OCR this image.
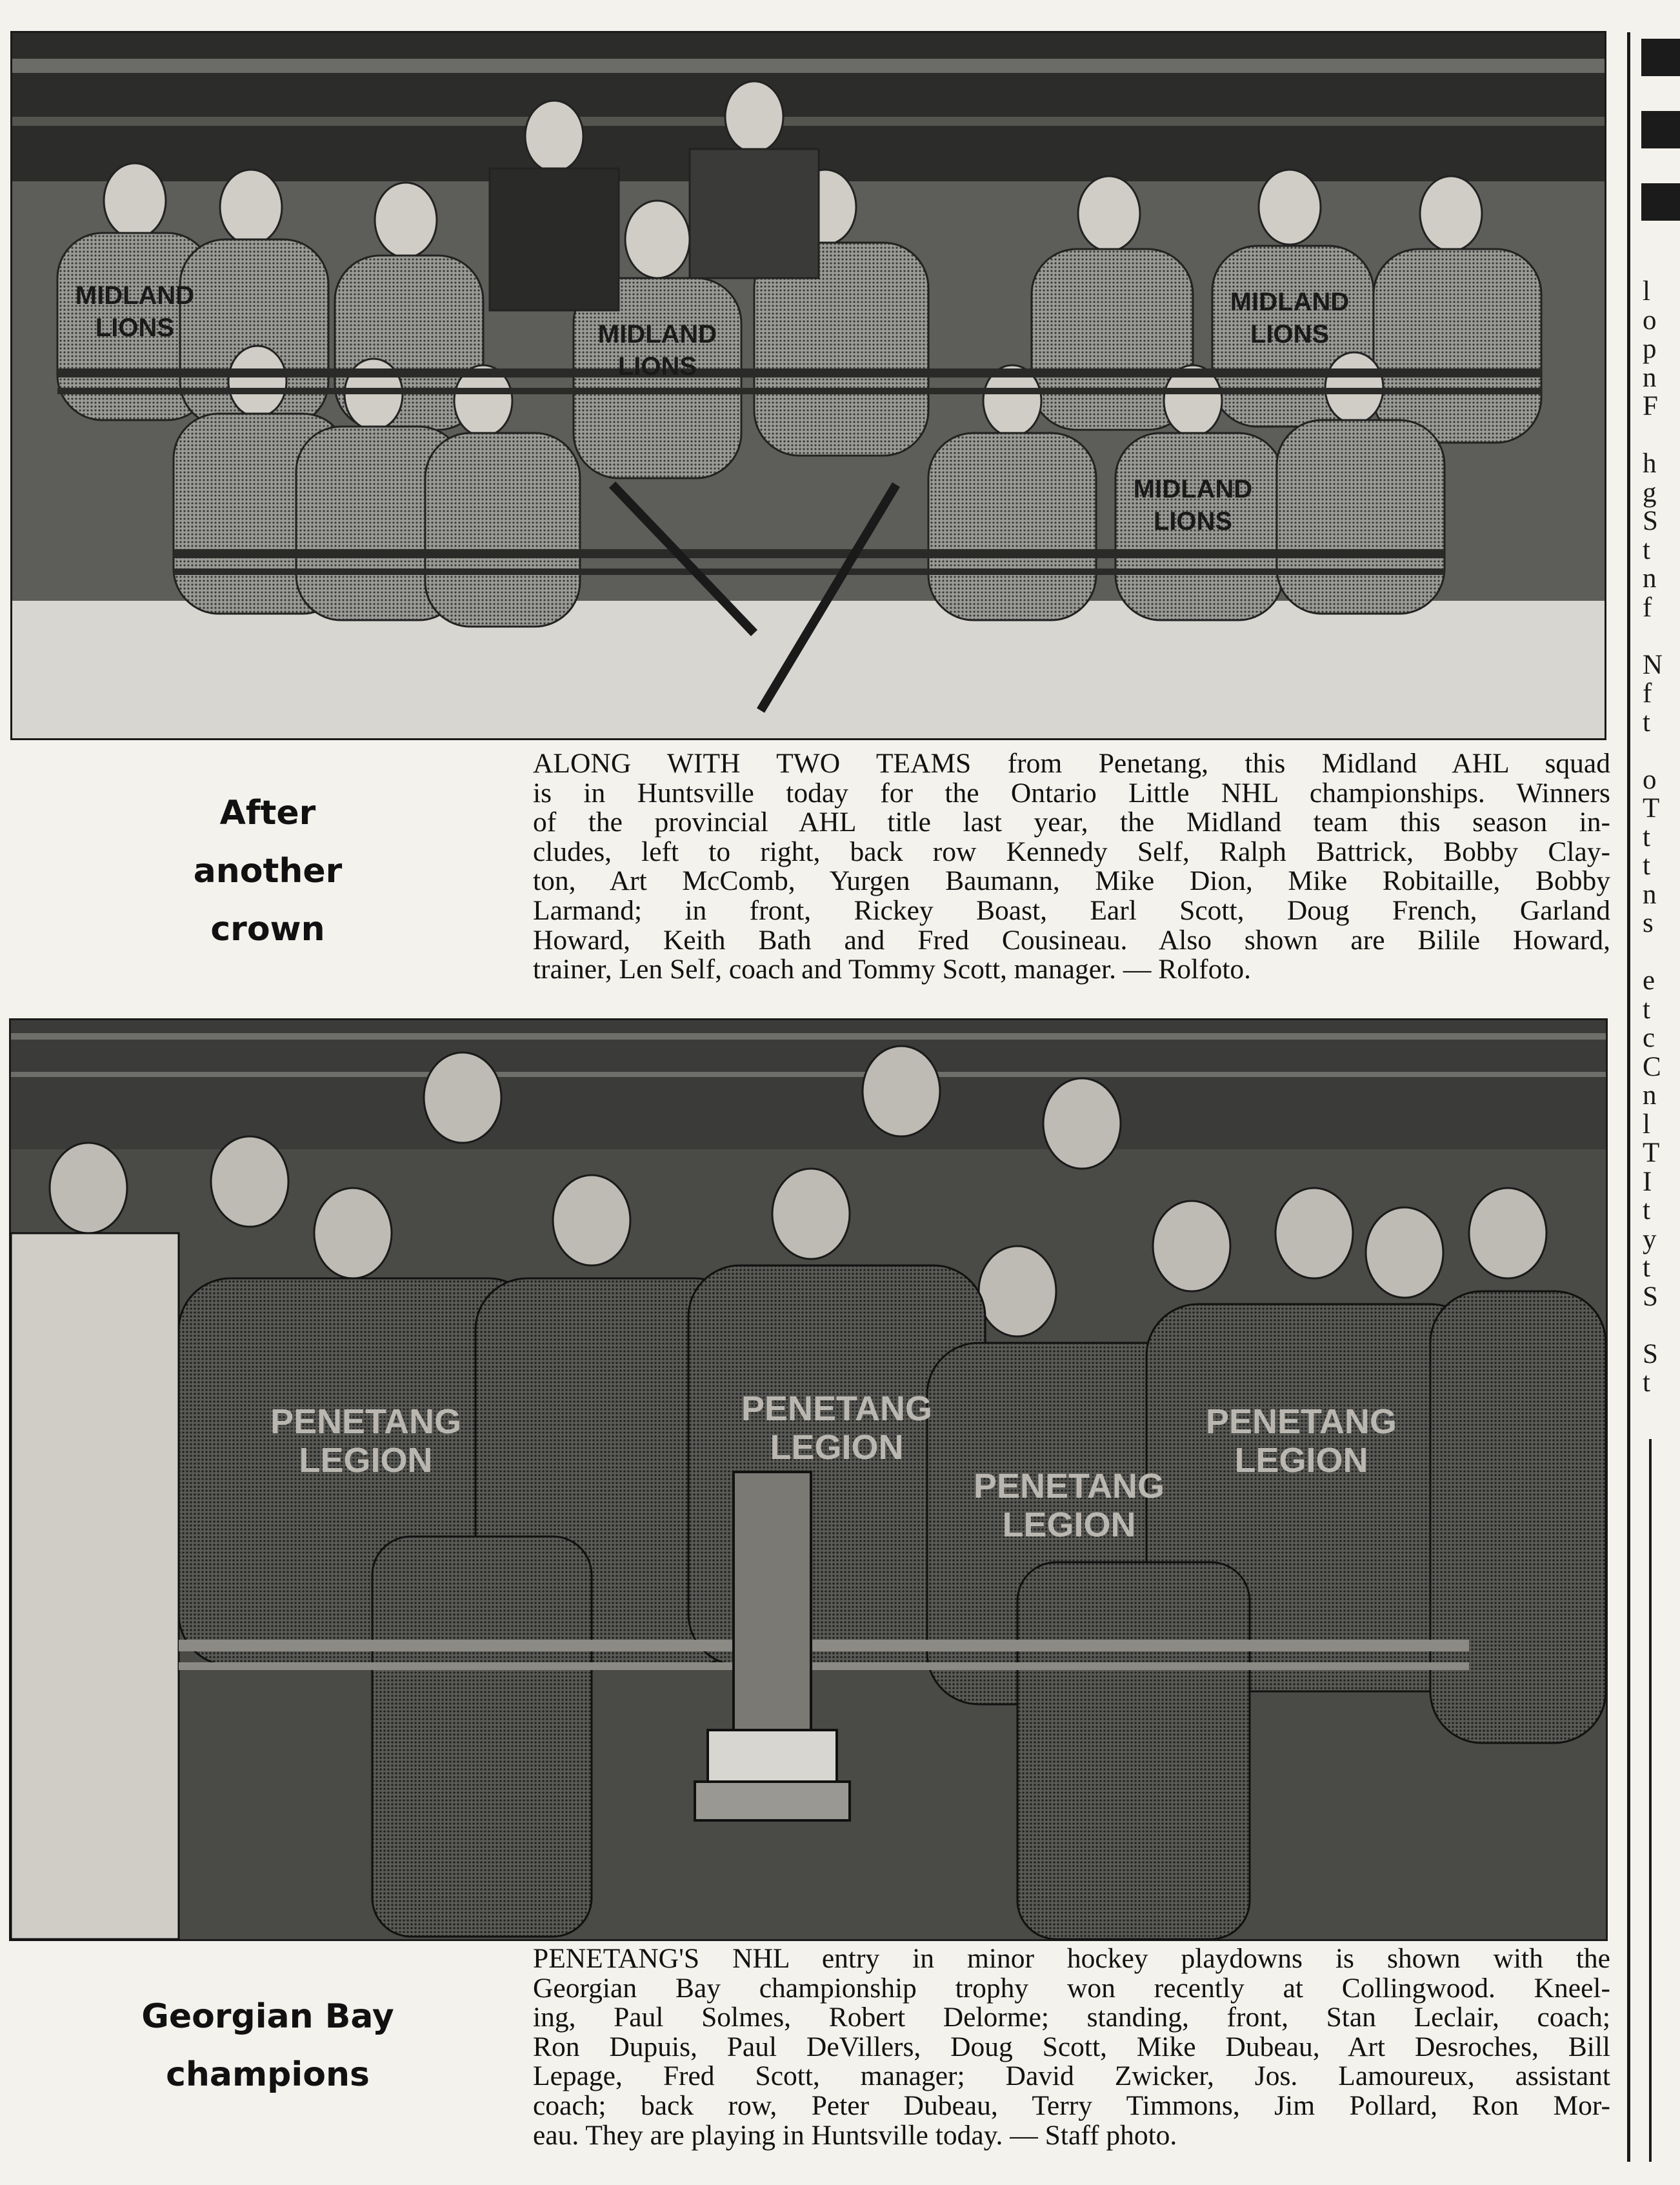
MIDLAND
LIONS	MIDLAND
LIONS
MIDLAND
LIONS
MIDLAND
LIONS
After
another
crown
ALONG WITH TWO TEAMS from Penetang, this Midland AHL squad
is in Huntsville today for the Ontario Little NHL championships. Winners
of the provincial AHL title last year, the Midland team this season in-
cludes, left to right, back row Kennedy Self, Ralph Battrick, Bobby Clay-
ton, Art McComb, Yurgen Baumann, Mike Dion, Mike Robitaille, Bobby
Larmand; in front, Rickey Boast, Earl Scott, Doug French, Garland
Howard, Keith Bath and Fred Cousineau. Also shown are Bilile Howard,
trainer, Len Self, coach and Tommy Scott, manager. — Rolfoto.
PENETANG
LEGION
PENETANG
LEGION
PENETANG
LEGION
PENETANG
LEGION
Georgian Bay
champions
PENETANG'S NHL entry in minor hockey playdowns is shown with the
Georgian Bay championship trophy won recently at Collingwood. Kneel-
ing, Paul Solmes, Robert Delorme; standing, front, Stan Leclair, coach;
Ron Dupuis, Paul DeVillers, Doug Scott, Mike Dubeau, Art Desroches, Bill
Lepage, Fred Scott, manager; David Zwicker, Jos. Lamoureux, assistant
coach; back row, Peter Dubeau, Terry Timmons, Jim Pollard, Ron Mor-
eau. They are playing in Huntsville today. — Staff photo.
l
o
p
n
F

h
g
S
t
n
f

N
f
t

o
T
t
t
n
s

e
t
c
C
n
l
T
I
t
y
t
S

S
t
